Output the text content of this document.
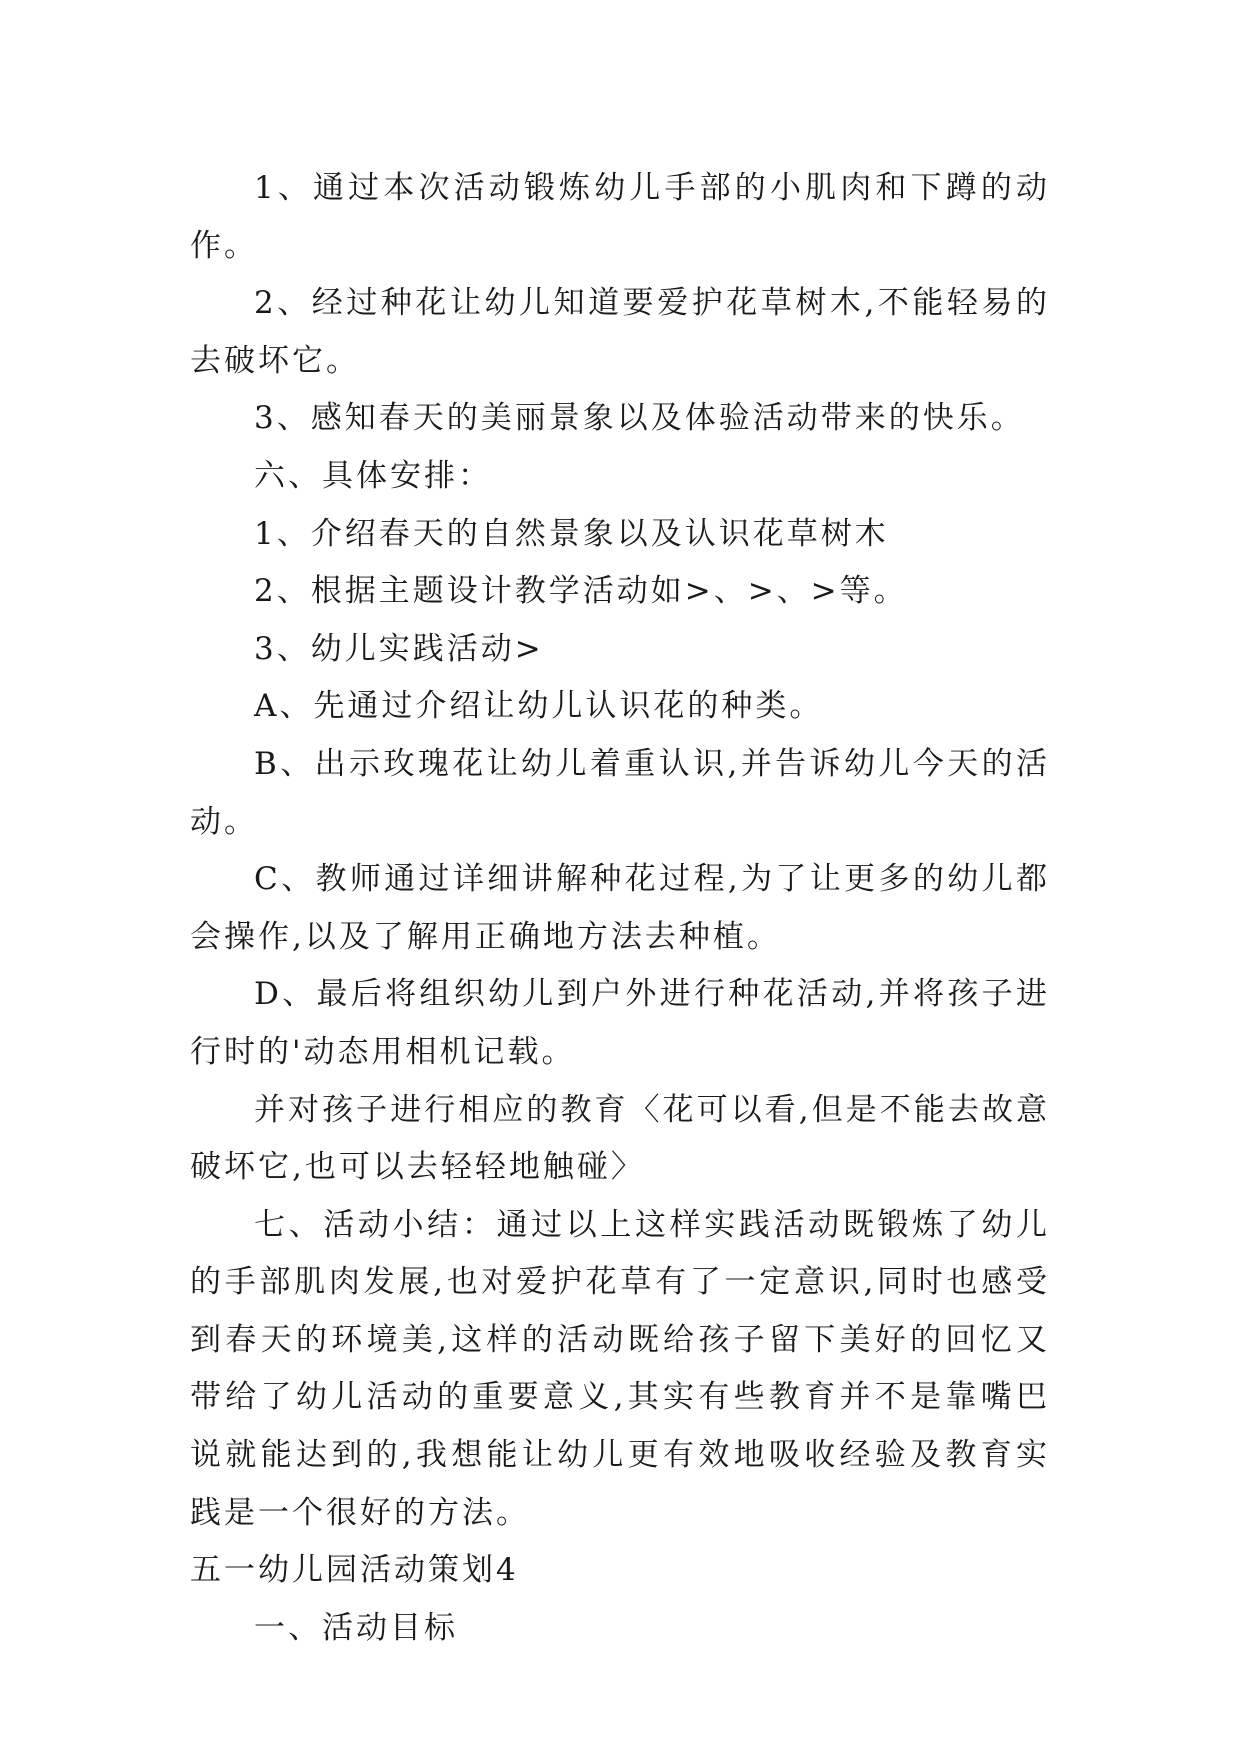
1、通过本次活动锻炼幼儿手部的小肌肉和下蹲的动作。

2、经过种花让幼儿知道要爱护花草树木,不能轻易的去破坏它。

3、感知春天的美丽景象以及体验活动带来的快乐。

六、具体安排：

1、介绍春天的自然景象以及认识花草树木

2、根据主题设计教学活动如>、>、>等。

3、幼儿实践活动>

A、先通过介绍让幼儿认识花的种类。

B、出示玫瑰花让幼儿着重认识,并告诉幼儿今天的活动。

C、教师通过详细讲解种花过程,为了让更多的幼儿都会操作,以及了解用正确地方法去种植。

D、最后将组织幼儿到户外进行种花活动,并将孩子进行时的'动态用相机记载。

并对孩子进行相应的教育〈花可以看,但是不能去故意破坏它,也可以去轻轻地触碰〉

七、活动小结：通过以上这样实践活动既锻炼了幼儿的手部肌肉发展,也对爱护花草有了一定意识,同时也感受到春天的环境美,这样的活动既给孩子留下美好的回忆又带给了幼儿活动的重要意义,其实有些教育并不是靠嘴巴说就能达到的,我想能让幼儿更有效地吸收经验及教育实践是一个很好的方法。

五一幼儿园活动策划4

一、活动目标
